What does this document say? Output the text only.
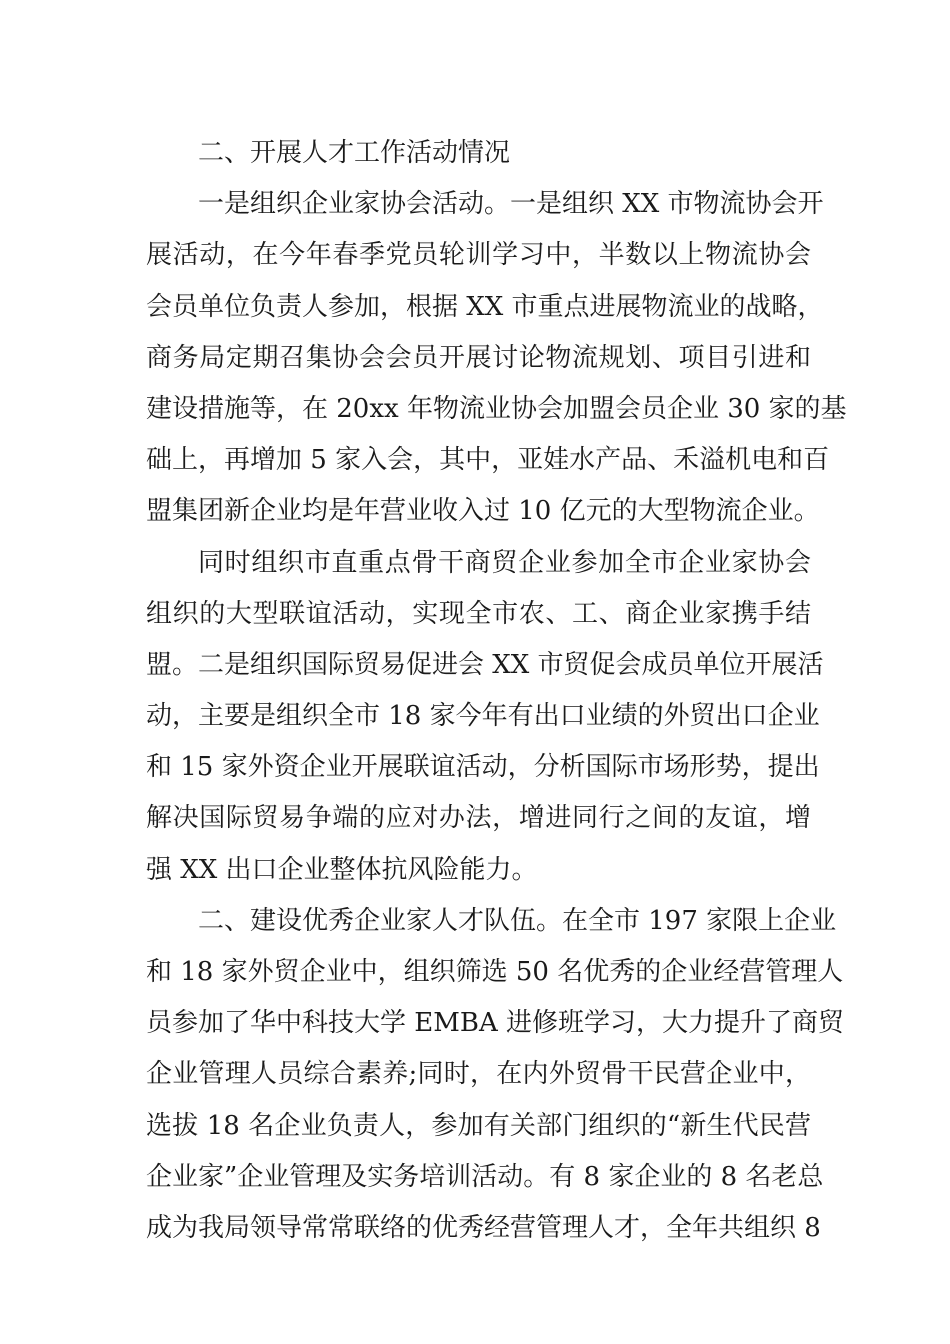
二、开展人才工作活动情况
一是组织企业家协会活动。一是组织 XX 市物流协会开
展活动，在今年春季党员轮训学习中，半数以上物流协会
会员单位负责人参加，根据 XX 市重点进展物流业的战略，
商务局定期召集协会会员开展讨论物流规划、项目引进和
建设措施等，在 20xx 年物流业协会加盟会员企业 30 家的基
础上，再增加 5 家入会，其中，亚娃水产品、禾溢机电和百
盟集团新企业均是年营业收入过 10 亿元的大型物流企业。
同时组织市直重点骨干商贸企业参加全市企业家协会
组织的大型联谊活动，实现全市农、工、商企业家携手结
盟。二是组织国际贸易促进会 XX 市贸促会成员单位开展活
动，主要是组织全市 18 家今年有出口业绩的外贸出口企业
和 15 家外资企业开展联谊活动，分析国际市场形势，提出
解决国际贸易争端的应对办法，增进同行之间的友谊，增
强 XX 出口企业整体抗风险能力。
二、建设优秀企业家人才队伍。在全市 197 家限上企业
和 18 家外贸企业中，组织筛选 50 名优秀的企业经营管理人
员参加了华中科技大学 EMBA 进修班学习，大力提升了商贸
企业管理人员综合素养;同时，在内外贸骨干民营企业中，
选拔 18 名企业负责人，参加有关部门组织的“新生代民营
企业家”企业管理及实务培训活动。有 8 家企业的 8 名老总
成为我局领导常常联络的优秀经营管理人才，全年共组织 8
